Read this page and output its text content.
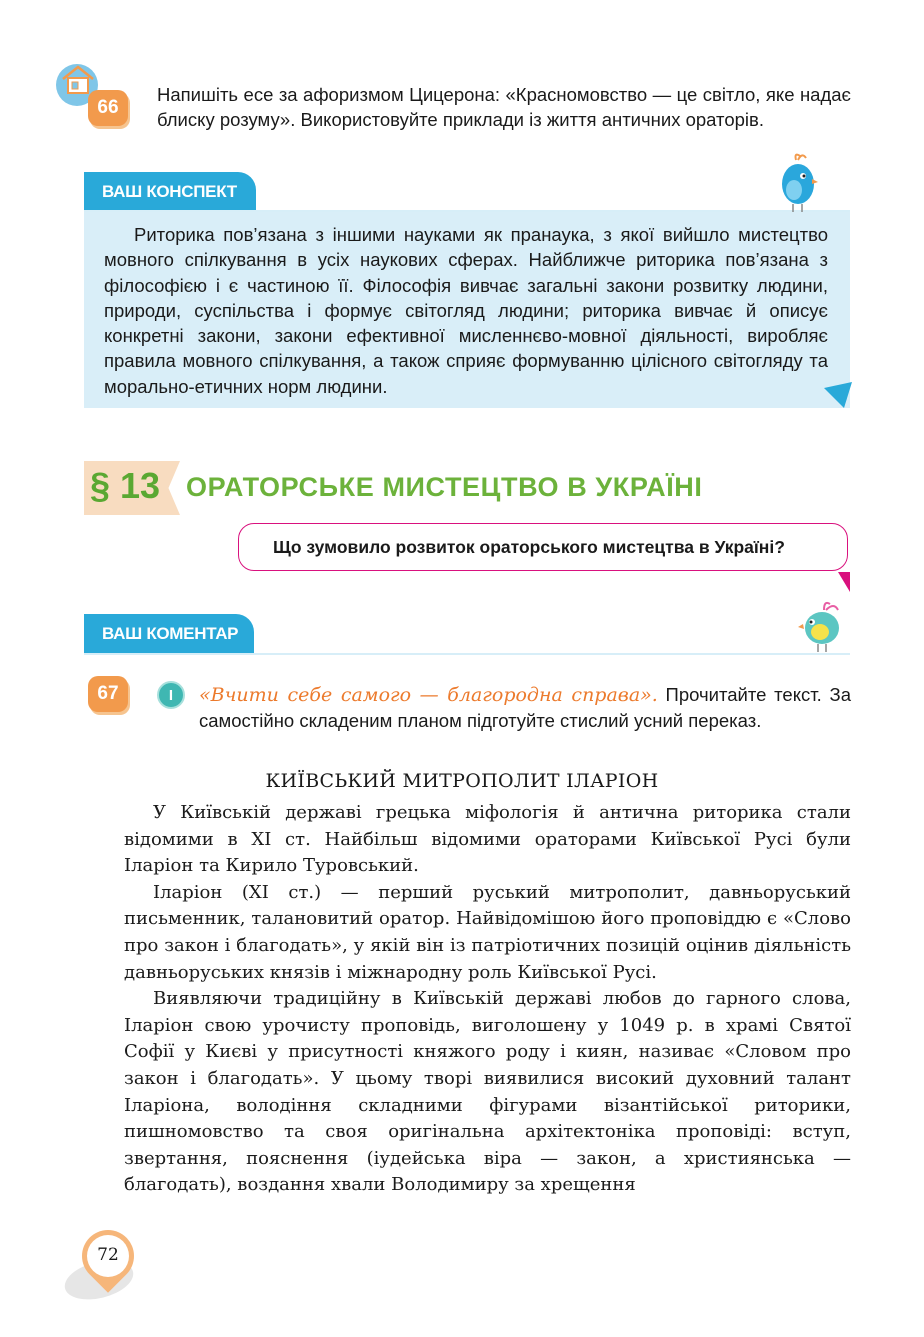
66
Напишіть есе за афоризмом Цицерона: «Красномовство — це світло, яке надає блиску розуму». Використовуйте приклади із життя античних ораторів.
ВАШ КОНСПЕКТ

Риторика пов’язана з іншими науками як пранаука, з якої вийшло мистецтво мовного спілкування в усіх наукових сферах. Найближче риторика пов’язана з філософією і є частиною її. Філософія вивчає загальні закони розвитку людини, природи, суспільства і формує світогляд людини; риторика вивчає й описує конкретні закони, закони ефективної мисленнєво-мовної діяльності, виробляє правила мовного спілкування, а також сприяє формуванню цілісного світогляду та морально-етичних норм людини.

§ 13 ОРАТОРСЬКЕ МИСТЕЦТВО В УКРАЇНІ
Що зумовило розвиток ораторського мистецтва в Україні?
ВАШ КОМЕНТАР
67	I	«Вчити себе самого — благородна справа». Прочитайте текст. За самостійно складеним планом підготуйте стислий усний переказ.
КИЇВСЬКИЙ МИТРОПОЛИТ ІЛАРІОН

У Київській державі грецька міфологія й антична риторика стали відомими в XI ст. Найбільш відомими ораторами Київської Русі були Іларіон та Кирило Туровський.

Іларіон (XI ст.) — перший руський митрополит, давньоруський письменник, талановитий оратор. Найвідомішою його проповіддю є «Слово про закон і благодать», у якій він із патріотичних позицій оцінив діяльність давньоруських князів і міжнародну роль Київської Русі.

Виявляючи традиційну в Київській державі любов до гарного слова, Іларіон свою урочисту проповідь, виголошену у 1049 р. в храмі Святої Софії у Києві у присутності княжого роду і киян, називає «Словом про закон і благодать». У цьому творі виявилися високий духовний талант Іларіона, володіння складними фігурами візантійської риторики, пишномовство та своя оригінальна архітектоніка проповіді: вступ, звертання, пояснення (іудейська віра — закон, а християнська — благодать), воздання хвали Володимиру за хрещення

72
